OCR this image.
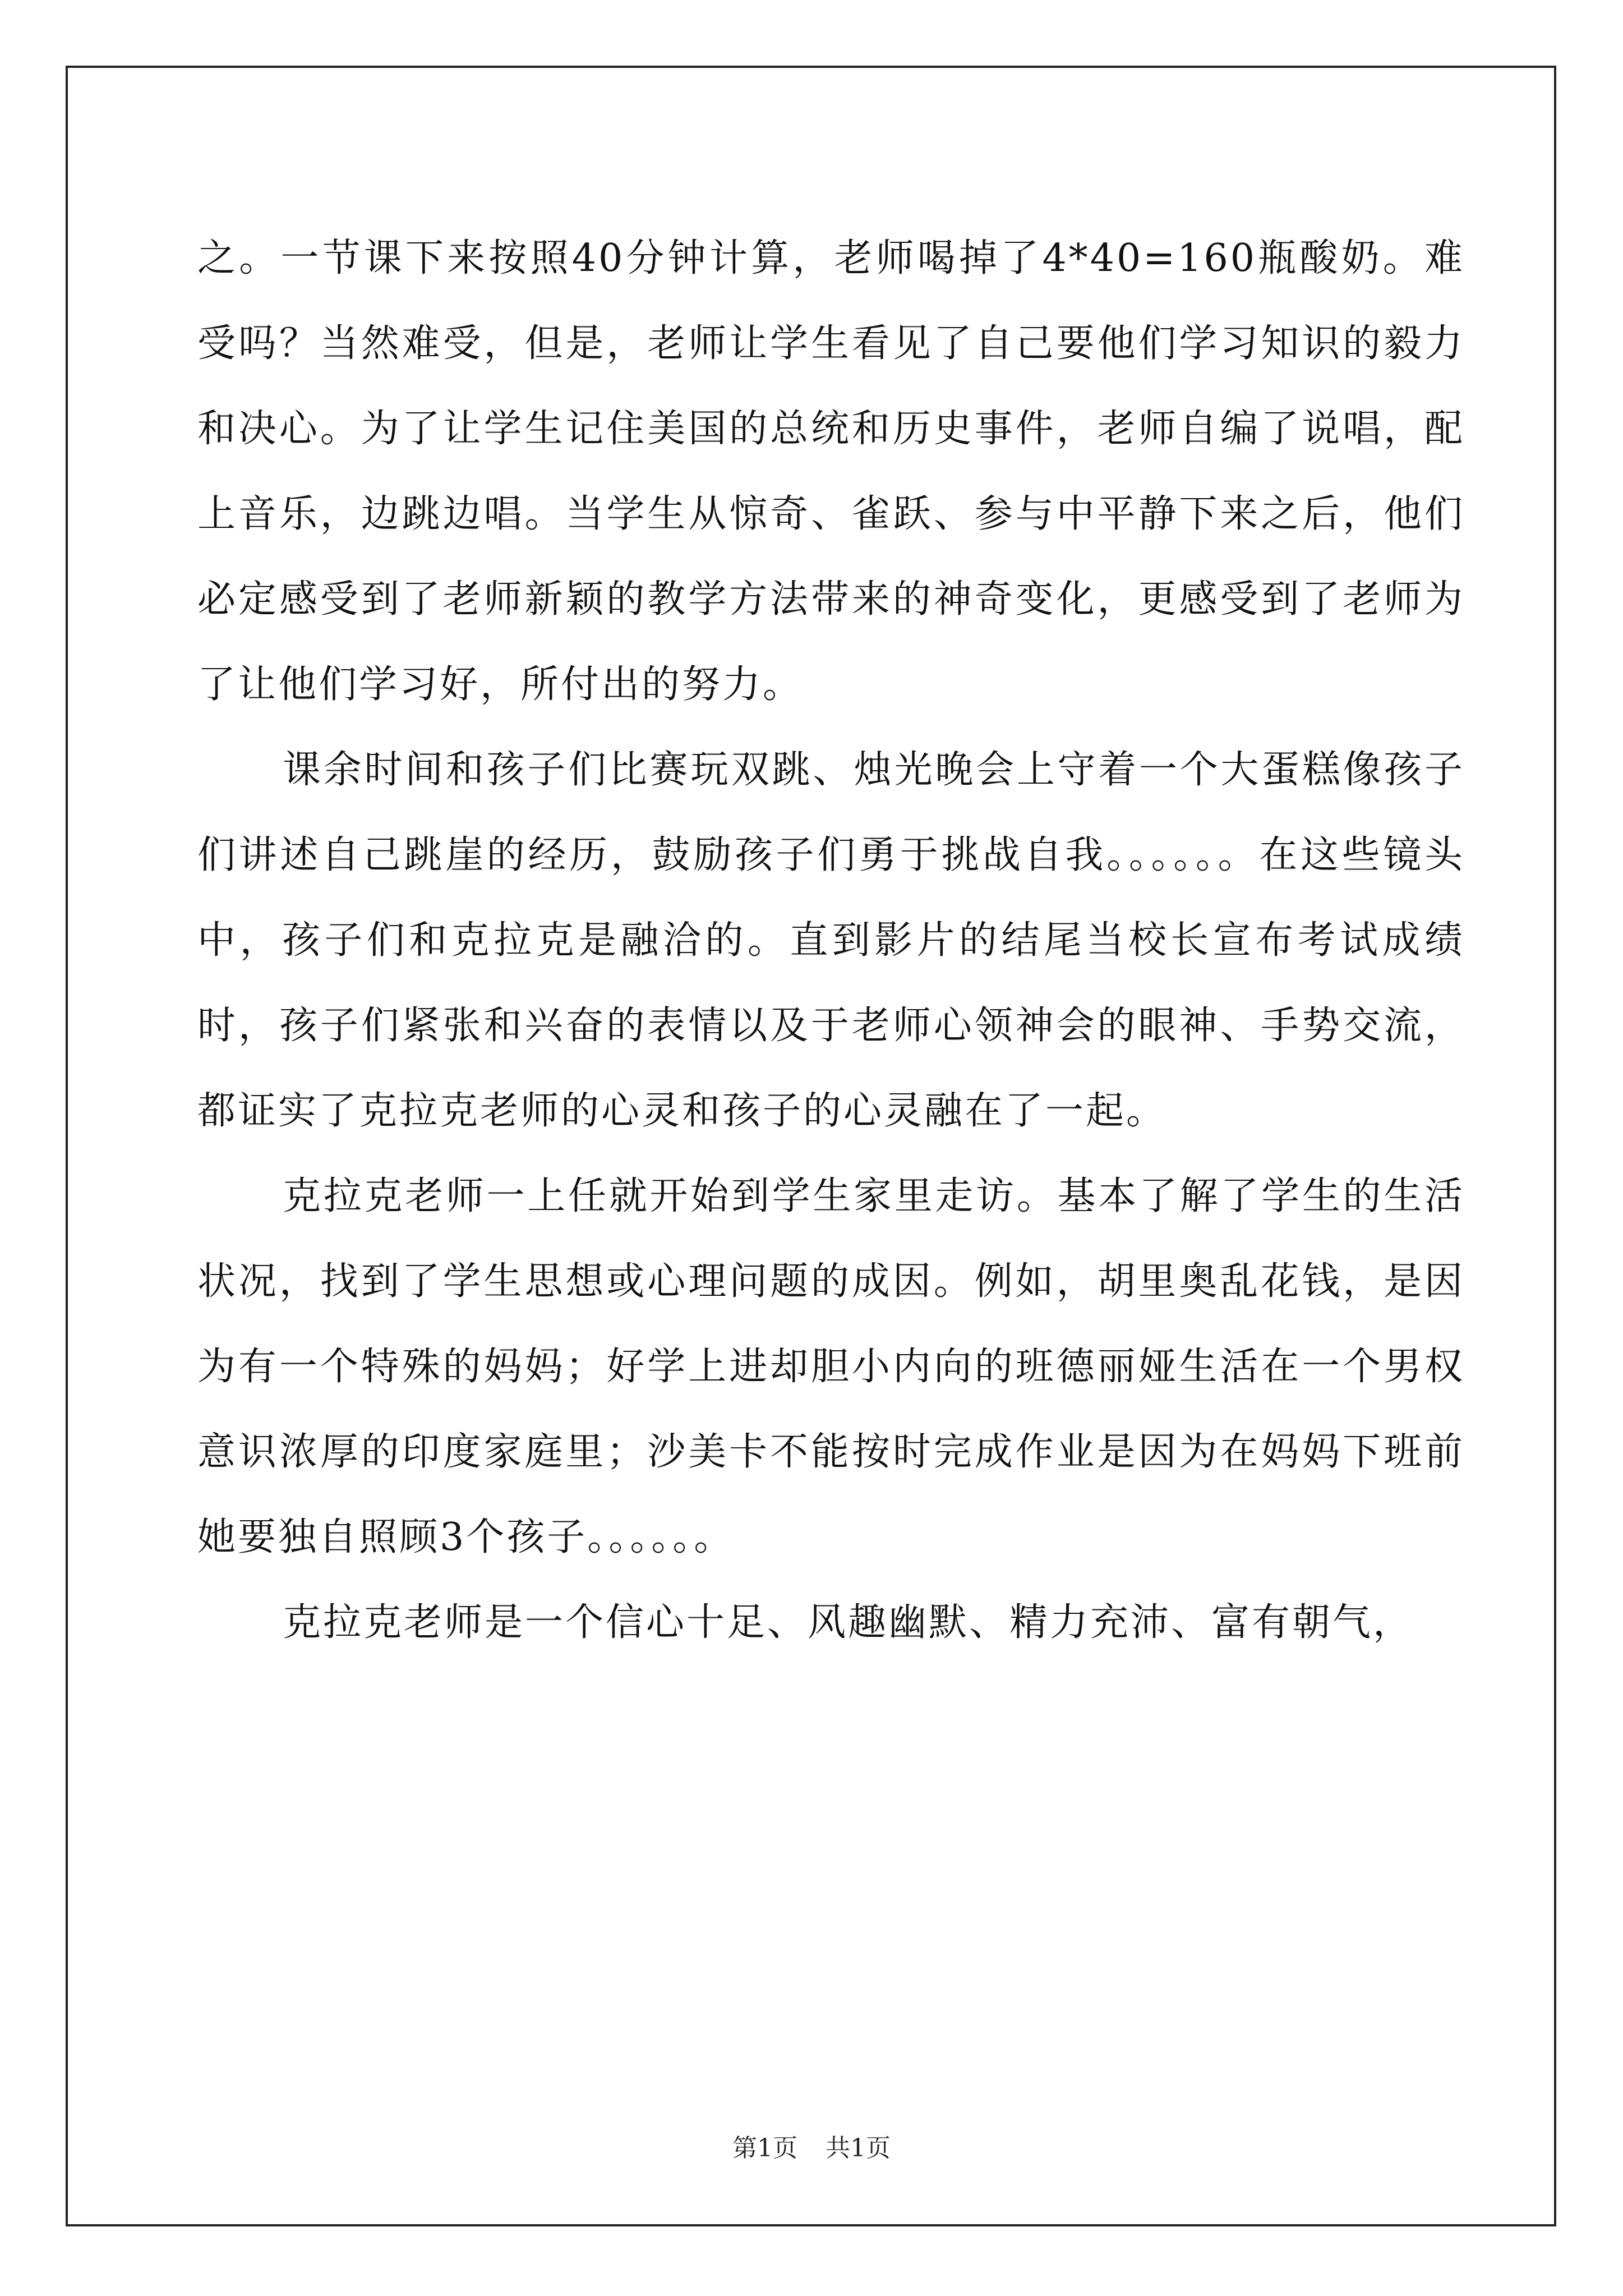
之。一节课下来按照40分钟计算，老师喝掉了4*40=160瓶酸奶。难受吗？当然难受，但是，老师让学生看见了自己要他们学习知识的毅力和决心。为了让学生记住美国的总统和历史事件，老师自编了说唱，配上音乐，边跳边唱。当学生从惊奇、雀跃、参与中平静下来之后，他们必定感受到了老师新颖的教学方法带来的神奇变化，更感受到了老师为了让他们学习好，所付出的努力。

课余时间和孩子们比赛玩双跳、烛光晚会上守着一个大蛋糕像孩子们讲述自己跳崖的经历，鼓励孩子们勇于挑战自我。。。。。。在这些镜头中，孩子们和克拉克是融洽的。直到影片的结尾当校长宣布考试成绩时，孩子们紧张和兴奋的表情以及于老师心领神会的眼神、手势交流，都证实了克拉克老师的心灵和孩子的心灵融在了一起。

克拉克老师一上任就开始到学生家里走访。基本了解了学生的生活状况，找到了学生思想或心理问题的成因。例如，胡里奥乱花钱，是因为有一个特殊的妈妈；好学上进却胆小内向的班德丽娅生活在一个男权意识浓厚的印度家庭里；沙美卡不能按时完成作业是因为在妈妈下班前她要独自照顾3个孩子。。。。。。

克拉克老师是一个信心十足、风趣幽默、精力充沛、富有朝气，

第1页 共1页
